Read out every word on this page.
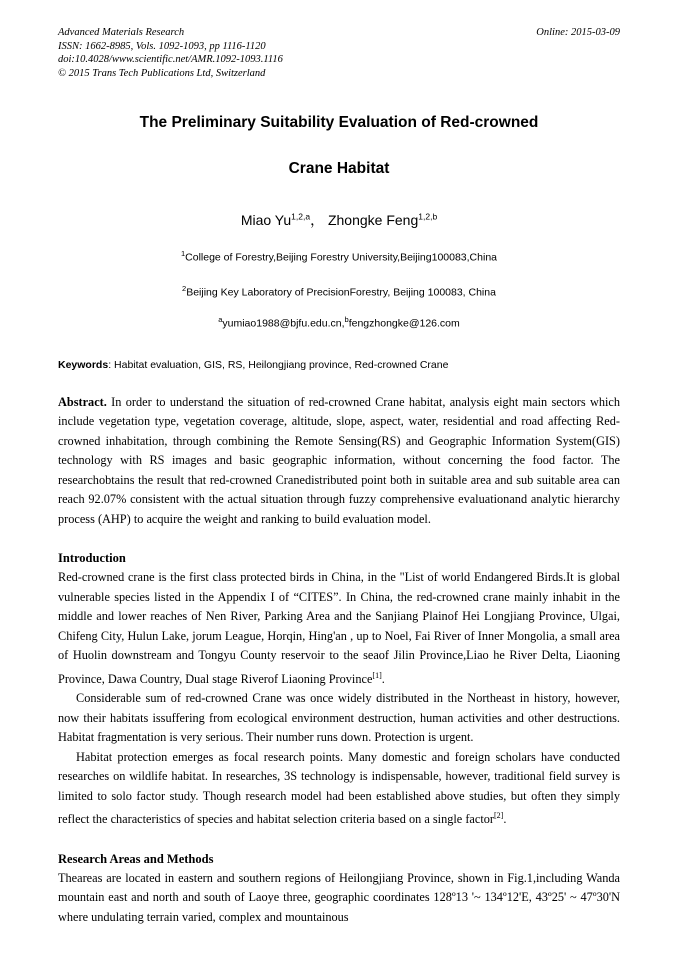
Advanced Materials Research
ISSN: 1662-8985, Vols. 1092-1093, pp 1116-1120
doi:10.4028/www.scientific.net/AMR.1092-1093.1116
© 2015 Trans Tech Publications Ltd, Switzerland
Online: 2015-03-09
The Preliminary Suitability Evaluation of Red-crowned
Crane Habitat
Miao Yu$^{1,2,a}$， Zhongke Feng$^{1,2,b}$
$^1$College of Forestry,Beijing Forestry University,Beijing100083,China
$^2$Beijing Key Laboratory of PrecisionForestry, Beijing 100083, China
$^a$yumiao1988@bjfu.edu.cn,$^b$fengzhongke@126.com
Keywords: Habitat evaluation, GIS, RS, Heilongjiang province, Red-crowned Crane
Abstract. In order to understand the situation of red-crowned Crane habitat, analysis eight main sectors which include vegetation type, vegetation coverage, altitude, slope, aspect, water, residential and road affecting Red-crowned inhabitation, through combining the Remote Sensing(RS) and Geographic Information System(GIS) technology with RS images and basic geographic information, without concerning the food factor. The researchobtains the result that red-crowned Cranedistributed point both in suitable area and sub suitable area can reach 92.07% consistent with the actual situation through fuzzy comprehensive evaluationand analytic hierarchy process (AHP) to acquire the weight and ranking to build evaluation model.
Introduction

Red-crowned crane is the first class protected birds in China, in the "List of world Endangered Birds.It is global vulnerable species listed in the Appendix I of “CITES”. In China, the red-crowned crane mainly inhabit in the middle and lower reaches of Nen River, Parking Area and the Sanjiang Plainof Hei Longjiang Province, Ulgai, Chifeng City, Hulun Lake, jorum League, Horqin, Hing'an , up to Noel, Fai River of Inner Mongolia, a small area of Huolin downstream and Tongyu County reservoir to the seaof Jilin Province,Liao he River Delta, Liaoning Province, Dawa Country, Dual stage Riverof Liaoning Province[1].

Considerable sum of red-crowned Crane was once widely distributed in the Northeast in history, however, now their habitats issuffering from ecological environment destruction, human activities and other destructions. Habitat fragmentation is very serious. Their number runs down. Protection is urgent.

Habitat protection emerges as focal research points. Many domestic and foreign scholars have conducted researches on wildlife habitat. In researches, 3S technology is indispensable, however, traditional field survey is limited to solo factor study. Though research model had been established above studies, but often they simply reflect the characteristics of species and habitat selection criteria based on a single factor[2].

Research Areas and Methods

Theareas are located in eastern and southern regions of Heilongjiang Province, shown in Fig.1,including Wanda mountain east and north and south of Laoye three, geographic coordinates 128º13 '~ 134º12'E, 43º25' ~ 47º30'N where undulating terrain varied, complex and mountainous
